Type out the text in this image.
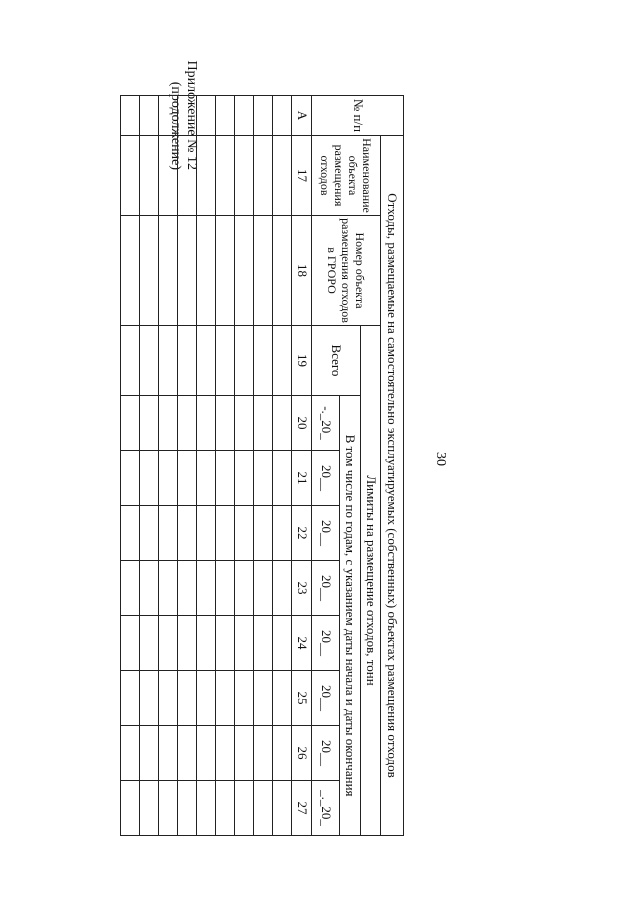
30
Приложение № 12
(продолжение)	№ п/п	Отходы, размещаемые на самостоятельно эксплуатируемых (собственных) объектах размещения отходов										
	Наименование объекта размещения отходов	Номер объекта размещения отходов в ГРОРО	Лимиты на размещение отходов, тонн								
			Всего	В том числе по годам, с указанием даты начала и даты окончания							
				-._20_	20__	20__	20__	20__	20__	20__	_._20_
А	17	18	19	20	21	22	23	24	25	26	27
